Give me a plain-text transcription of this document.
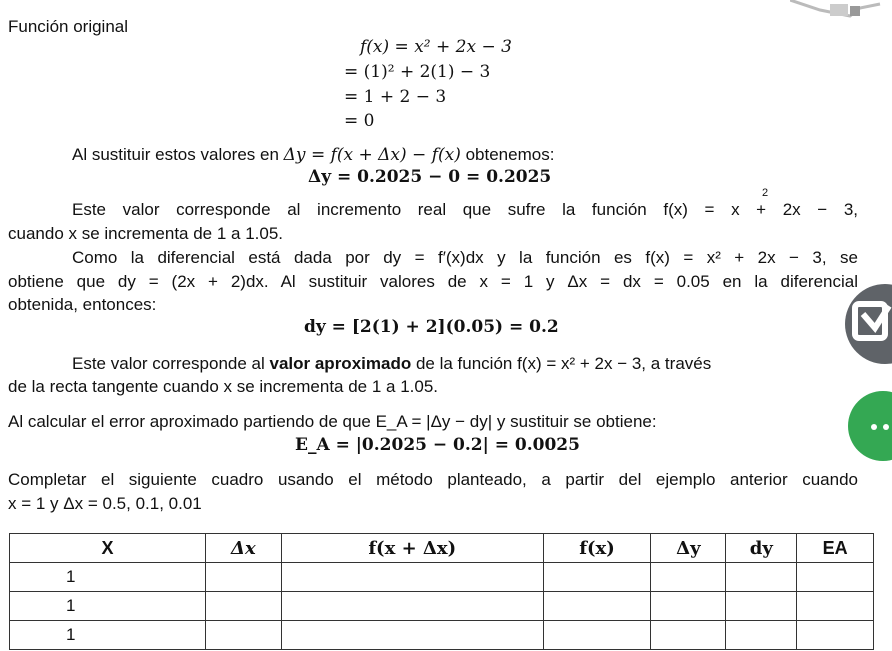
Función original
f(x) = x² + 2x − 3
= (1)² + 2(1) − 3
= 1 + 2 − 3
= 0
Al sustituir estos valores en Δy = f(x + Δx) − f(x) obtenemos:
Δy = 0.2025 − 0 = 0.2025
Este valor corresponde al incremento real que sufre la función f(x) = x + 2x − 3,
2
cuando x se incrementa de 1 a 1.05.
Como la diferencial está dada por dy = f′(x)dx y la función es f(x) = x² + 2x − 3, se
obtiene que dy = (2x + 2)dx. Al sustituir valores de x = 1 y Δx = dx = 0.05 en la diferencial
obtenida, entonces:
dy = [2(1) + 2](0.05) = 0.2
Este valor corresponde al valor aproximado de la función f(x) = x² + 2x − 3, a través
de la recta tangente cuando x se incrementa de 1 a 1.05.
Al calcular el error aproximado partiendo de que E_A = |Δy − dy| y sustituir se obtiene:
E_A = |0.2025 − 0.2| = 0.0025
Completar el siguiente cuadro usando el método planteado, a partir del ejemplo anterior cuando
x = 1 y Δx = 0.5, 0.1, 0.01
X	Δx	f(x + Δx)	f(x)	Δy	dy	EA
1						
1						
1						
